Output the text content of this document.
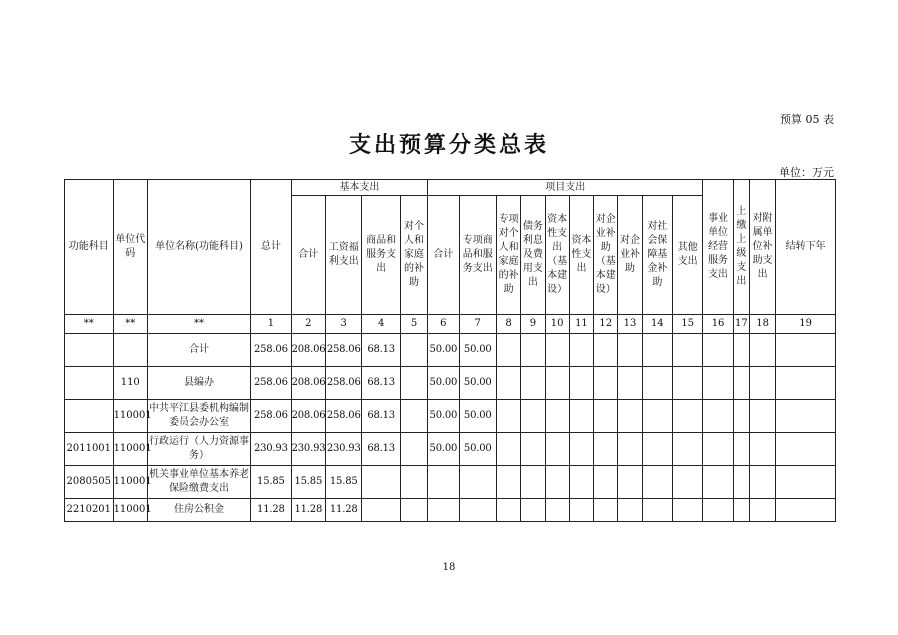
预算 05 表
支出预算分类总表
单位：万元
功能科目	单位代码	单位名称(功能科目)	总计	基本支出				项目支出										事业单位经营服务支出	上缴上级支出	对附属单位补助支出	结转下年
				合计	工资福利支出	商品和服务支出	对个人和家庭的补助	合计	专项商品和服务支出	专项对个人和家庭的补助	债务利息及费用支出	资本性支出（基本建设）	资本性支出	对企业补助（基本建设）	对企业补助	对社会保障基金补助	其他支出				
**	**	**	1	2	3	4	5	6	7	8	9	10	11	12	13	14	15	16	17	18	19
		合计	258.06	208.06	258.06	68.13		50.00	50.00												
	110	县编办	258.06	208.06	258.06	68.13		50.00	50.00												
	110001	中共平江县委机构编制委员会办公室	258.06	208.06	258.06	68.13		50.00	50.00												
2011001	110001	行政运行（人力资源事务）	230.93	230.93	230.93	68.13		50.00	50.00												
2080505	110001	机关事业单位基本养老保险缴费支出	15.85	15.85	15.85																
2210201	110001	住房公积金	11.28	11.28	11.28																
18
